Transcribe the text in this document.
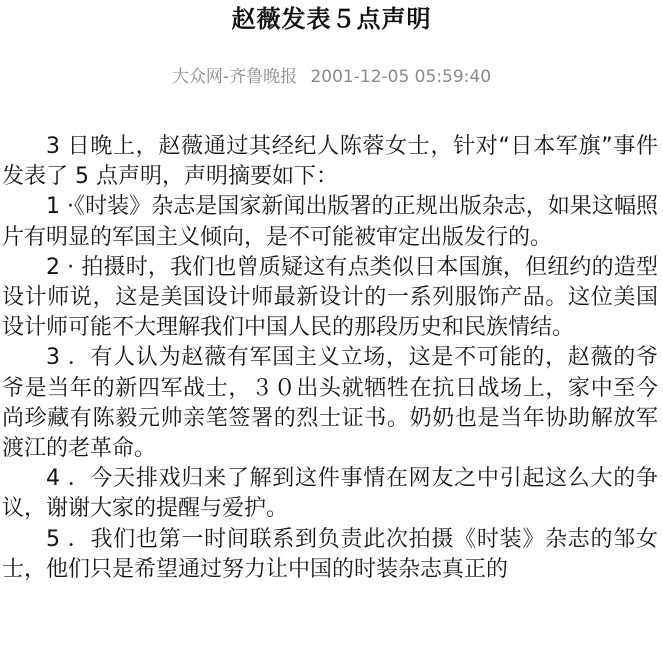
赵薇发表５点声明
大众网-齐鲁晚报 2001-12-05 05:59:40

3 日晚上，赵薇通过其经纪人陈蓉女士，针对“日本军旗”事件发表了 5 点声明，声明摘要如下：

1 ·《时装》杂志是国家新闻出版署的正规出版杂志，如果这幅照片有明显的军国主义倾向，是不可能被审定出版发行的。

2 · 拍摄时，我们也曾质疑这有点类似日本国旗，但纽约的造型设计师说，这是美国设计师最新设计的一系列服饰产品。这位美国设计师可能不大理解我们中国人民的那段历史和民族情结。

3 ．有人认为赵薇有军国主义立场，这是不可能的，赵薇的爷爷是当年的新四军战士，３０出头就牺牲在抗日战场上，家中至今尚珍藏有陈毅元帅亲笔签署的烈士证书。奶奶也是当年协助解放军渡江的老革命。

4 ．今天排戏归来了解到这件事情在网友之中引起这么大的争议，谢谢大家的提醒与爱护。

5 ．我们也第一时间联系到负责此次拍摄《时装》杂志的邹女士，他们只是希望通过努力让中国的时装杂志真正的
